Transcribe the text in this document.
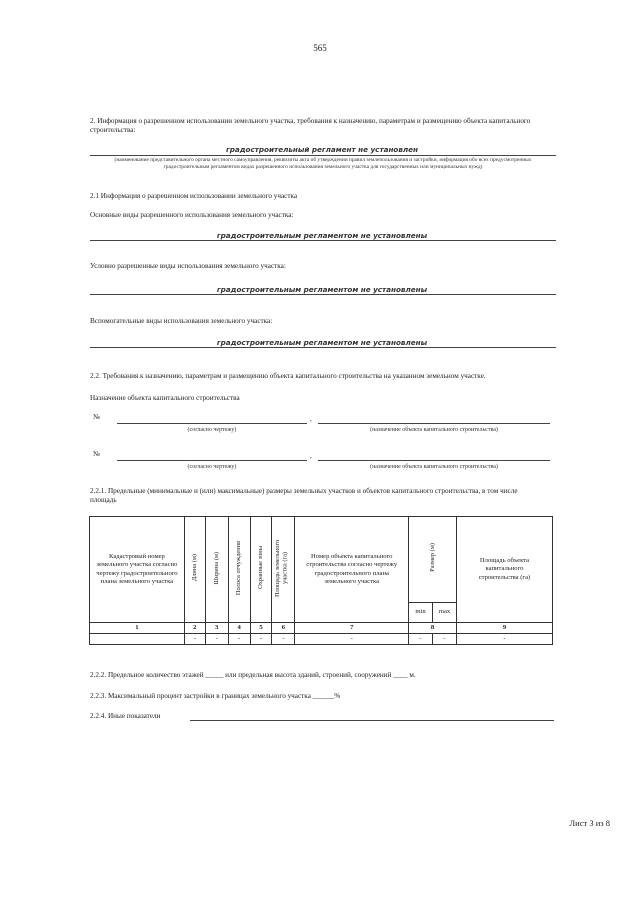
565
2. Информация о разрешенном использовании земельного участка, требования к назначению, параметрам и размещению объекта капитального строительства:
градостроительный регламент не установлен
(наименование представительного органа местного самоуправления, реквизиты акта об утверждении правил землепользования и застройки, информация обо всех предусмотренных градостроительным регламентом видах разрешенного использования земельного участка для государственных или муниципальных нужд)
2.1 Информация о разрешенном использовании земельного участка
Основные виды разрешенного использования земельного участка:
градостроительным регламентом не установлены
Условно разрешенные виды использования земельного участка:
градостроительным регламентом не установлены
Вспомогательные виды использования земельного участка:
градостроительным регламентом не установлены
2.2. Требования к назначению, параметрам и размещению объекта капитального строительства на указанном земельном участке.
Назначение объекта капитального строительства
№	,
(согласно чертежу)	(назначение объекта капитального строительства)
№	,
(согласно чертежу)	(назначение объекта капитального строительства)
2.2.1. Предельные (минимальные и (или) максимальные) размеры земельных участков и объектов капитального строительства, в том числе площадь
Кадастровый номер земельного участка согласно чертежу градостроительного плана земельного участка	Длина (м)	Ширина (м)	Полоса отчуждения	Охранные зоны	Площадь земельного участка (га)	Номер объекта капитального строительства согласно чертежу градостроительного плана земельного участка	Размер (м)		Площадь объекта капитального строительства (га)
							min	max	
1	2	3	4	5	6	7	8		9
	-	-	-	-	-	-	-	-	-
2.2.2. Предельное количество этажей _____ или предельная высота зданий, строений, сооружений ____ м.
2.2.3. Максимальный процент застройки в границах земельного участка ______%
2.2.4. Иные показатели
Лист 3 из 8
